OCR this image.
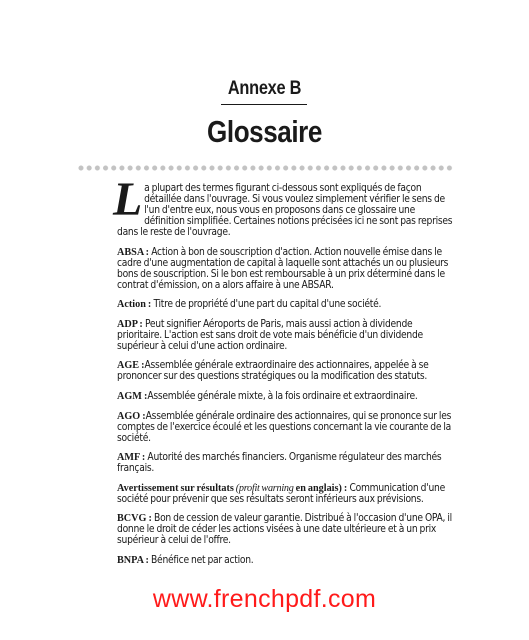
Annexe B
Glossaire

La plupart des termes figurant ci-dessous sont expliqués de façon détaillée dans l'ouvrage. Si vous voulez simplement vérifier le sens de l'un d'entre eux, nous vous en proposons dans ce glossaire une définition simplifiée. Certaines notions précisées ici ne sont pas reprises dans le reste de l'ouvrage.

ABSA : Action à bon de souscription d'action. Action nouvelle émise dans le cadre d'une augmentation de capital à laquelle sont attachés un ou plusieurs bons de souscription. Si le bon est remboursable à un prix déterminé dans le contrat d'émission, on a alors affaire à une ABSAR.

Action : Titre de propriété d'une part du capital d'une société.

ADP : Peut signifier Aéroports de Paris, mais aussi action à dividende prioritaire. L'action est sans droit de vote mais bénéficie d'un dividende supérieur à celui d'une action ordinaire.

AGE :Assemblée générale extraordinaire des actionnaires, appelée à se prononcer sur des questions stratégiques ou la modification des statuts.

AGM :Assemblée générale mixte, à la fois ordinaire et extraordinaire.

AGO :Assemblée générale ordinaire des actionnaires, qui se prononce sur les comptes de l'exercice écoulé et les questions concernant la vie courante de la société.

AMF : Autorité des marchés financiers. Organisme régulateur des marchés français.

Avertissement sur résultats (profit warning en anglais) : Communication d'une société pour prévenir que ses résultats seront inférieurs aux prévisions.

BCVG : Bon de cession de valeur garantie. Distribué à l'occasion d'une OPA, il donne le droit de céder les actions visées à une date ultérieure et à un prix supérieur à celui de l'offre.

BNPA : Bénéfice net par action.

www.frenchpdf.com
